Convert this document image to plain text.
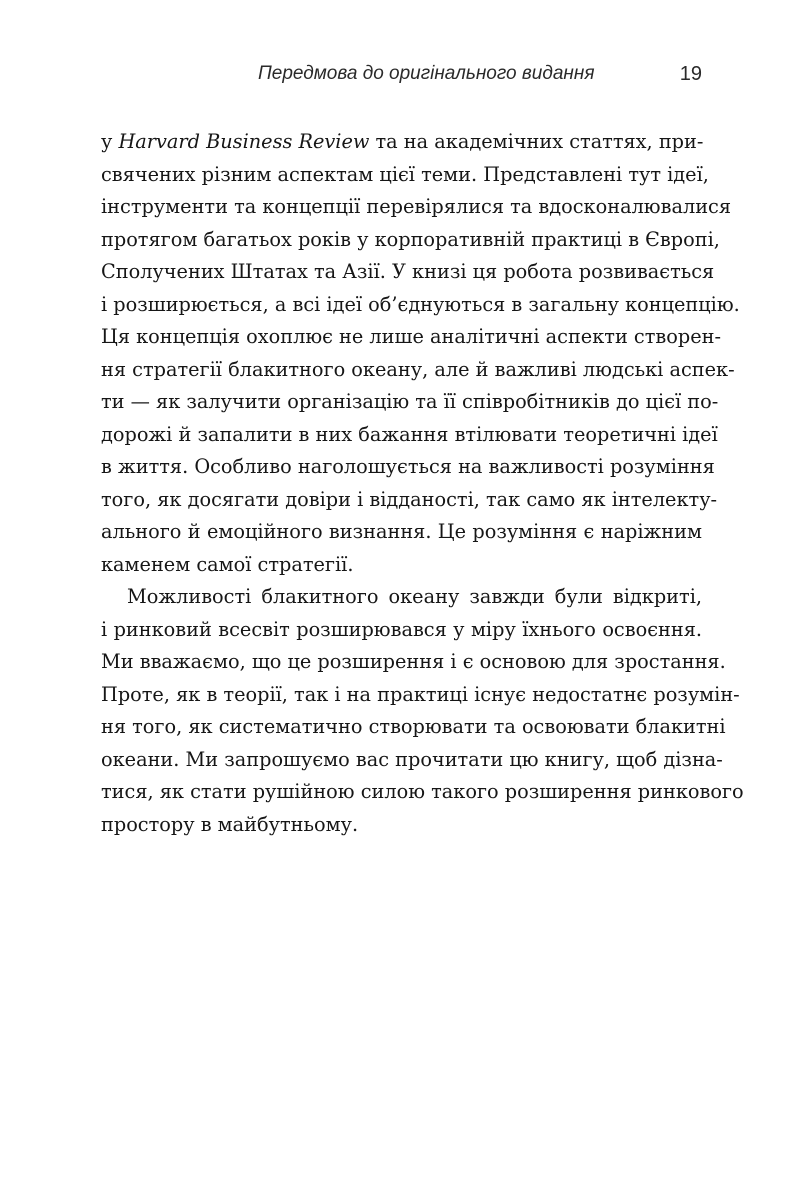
Передмова до оригінального видання	19
у Harvard Business Review та на академічних статтях, при-
свячених різним аспектам цієї теми. Представлені тут ідеї,
інструменти та концепції перевірялися та вдосконалювалися
протягом багатьох років у корпоративній практиці в Європі,
Сполучених Штатах та Азії. У книзі ця робота розвивається
і розширюється, а всі ідеї об’єднуються в загальну концепцію.
Ця концепція охоплює не лише аналітичні аспекти створен-
ня стратегії блакитного океану, але й важливі людські аспек-
ти — як залучити організацію та її співробітників до цієї по-
дорожі й запалити в них бажання втілювати теоретичні ідеї
в життя. Особливо наголошується на важливості розуміння
того, як досягати довіри і відданості, так само як інтелекту-
ального й емоційного визнання. Це розуміння є наріжним
каменем самої стратегії.
Можливості блакитного океану завжди були відкриті,
і ринковий всесвіт розширювався у міру їхнього освоєння.
Ми вважаємо, що це розширення і є основою для зростання.
Проте, як в теорії, так і на практиці існує недостатнє розумін-
ня того, як систематично створювати та освоювати блакитні
океани. Ми запрошуємо вас прочитати цю книгу, щоб дізна-
тися, як стати рушійною силою такого розширення ринкового
простору в майбутньому.
